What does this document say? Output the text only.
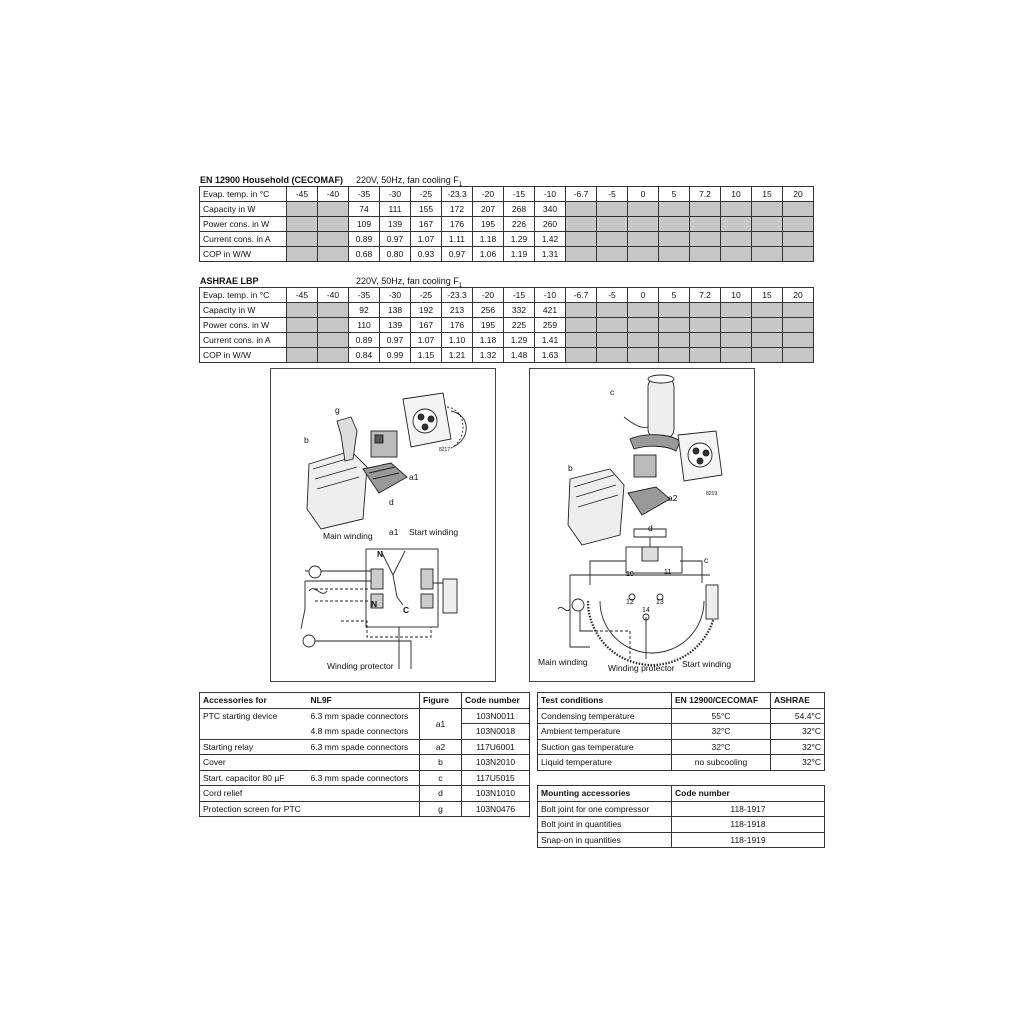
EN 12900 Household (CECOMAF) 220V, 50Hz, fan cooling $F_1$
Evap. temp. in °C	-45	-40	-35	-30	-25	-23.3	-20	-15	-10	-6.7	-5	0	5	7.2	10	15	20
Capacity in W			74	111	155	172	207	268	340								
Power cons. in W			109	139	167	176	195	226	260								
Current cons. in A			0.89	0.97	1.07	1.11	1.18	1.29	1.42								
COP in W/W			0.68	0.80	0.93	0.97	1.06	1.19	1.31								
ASHRAE LBP	220V, 50Hz, fan cooling $F_1$
Evap. temp. in °C	-45	-40	-35	-30	-25	-23.3	-20	-15	-10	-6.7	-5	0	5	7.2	10	15	20
Capacity in W			92	138	192	213	256	332	421								
Power cons. in W			110	139	167	176	195	225	259								
Current cons. in A			0.89	0.97	1.07	1.10	1.18	1.29	1.41								
COP in W/W			0.84	0.99	1.15	1.21	1.32	1.48	1.63								
g
b
a1
d
8217
Main winding a1 Start winding
N
N
C
Winding protector
c
b
a2	8219
d
c
10	11
12	13
14
Main winding
Winding protector Start winding
Accessories for	NL9F	Figure	Code number
PTC starting device	6.3 mm spade connectors	a1	103N0011
	4.8 mm spade connectors		103N0018
Starting relay	6.3 mm spade connectors	a2	117U6001
Cover		b	103N2010
Start. capacitor 80 µF	6.3 mm spade connectors	c	117U5015
Cord relief		d	103N1010
Protection screen for PTC		g	103N0476
Test conditions	EN 12900/CECOMAF	ASHRAE
Condensing temperature	55°C	54.4°C
Ambient temperature	32°C	32°C
Suction gas temperature	32°C	32°C
Liquid temperature	no subcooling	32°C
Mounting accessories	Code number
Bolt joint for one compressor	118-1917
Bolt joint in quantities	118-1918
Snap-on in quantities	118-1919
